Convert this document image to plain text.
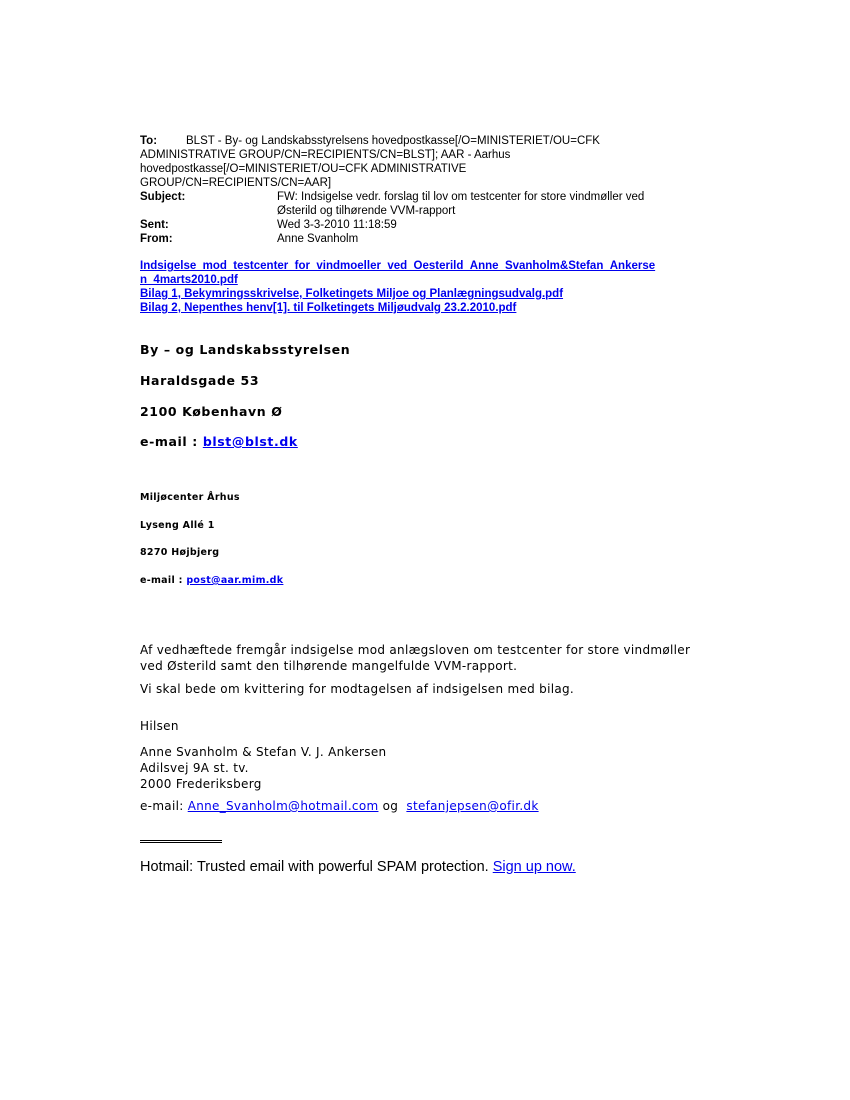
To:	BLST - By- og Landskabsstyrelsens hovedpostkasse[/O=MINISTERIET/OU=CFK
ADMINISTRATIVE GROUP/CN=RECIPIENTS/CN=BLST]; AAR - Aarhus
hovedpostkasse[/O=MINISTERIET/OU=CFK ADMINISTRATIVE
GROUP/CN=RECIPIENTS/CN=AAR]
Subject:	FW: Indsigelse vedr. forslag til lov om testcenter for store vindmøller ved
Østerild og tilhørende VVM-rapport
Sent:	Wed 3-3-2010 11:18:59
From:	Anne Svanholm
Indsigelse_mod_testcenter_for_vindmoeller_ved_Oesterild_Anne_Svanholm&Stefan_Ankerse
n_4marts2010.pdf
Bilag 1, Bekymringsskrivelse, Folketingets Miljoe og Planlægningsudvalg.pdf
Bilag 2, Nepenthes henv[1]. til Folketingets Miljøudvalg 23.2.2010.pdf
By – og Landskabsstyrelsen
Haraldsgade 53
2100 København Ø
e-mail : blst@blst.dk
Miljøcenter Århus
Lyseng Allé 1
8270 Højbjerg
e-mail : post@aar.mim.dk
Af vedhæftede fremgår indsigelse mod anlægsloven om testcenter for store vindmøller
ved Østerild samt den tilhørende mangelfulde VVM-rapport.
Vi skal bede om kvittering for modtagelsen af indsigelsen med bilag.
Hilsen
Anne Svanholm & Stefan V. J. Ankersen
Adilsvej 9A st. tv.
2000 Frederiksberg
e-mail: Anne_Svanholm@hotmail.com og stefanjepsen@ofir.dk
Hotmail: Trusted email with powerful SPAM protection. Sign up now.
